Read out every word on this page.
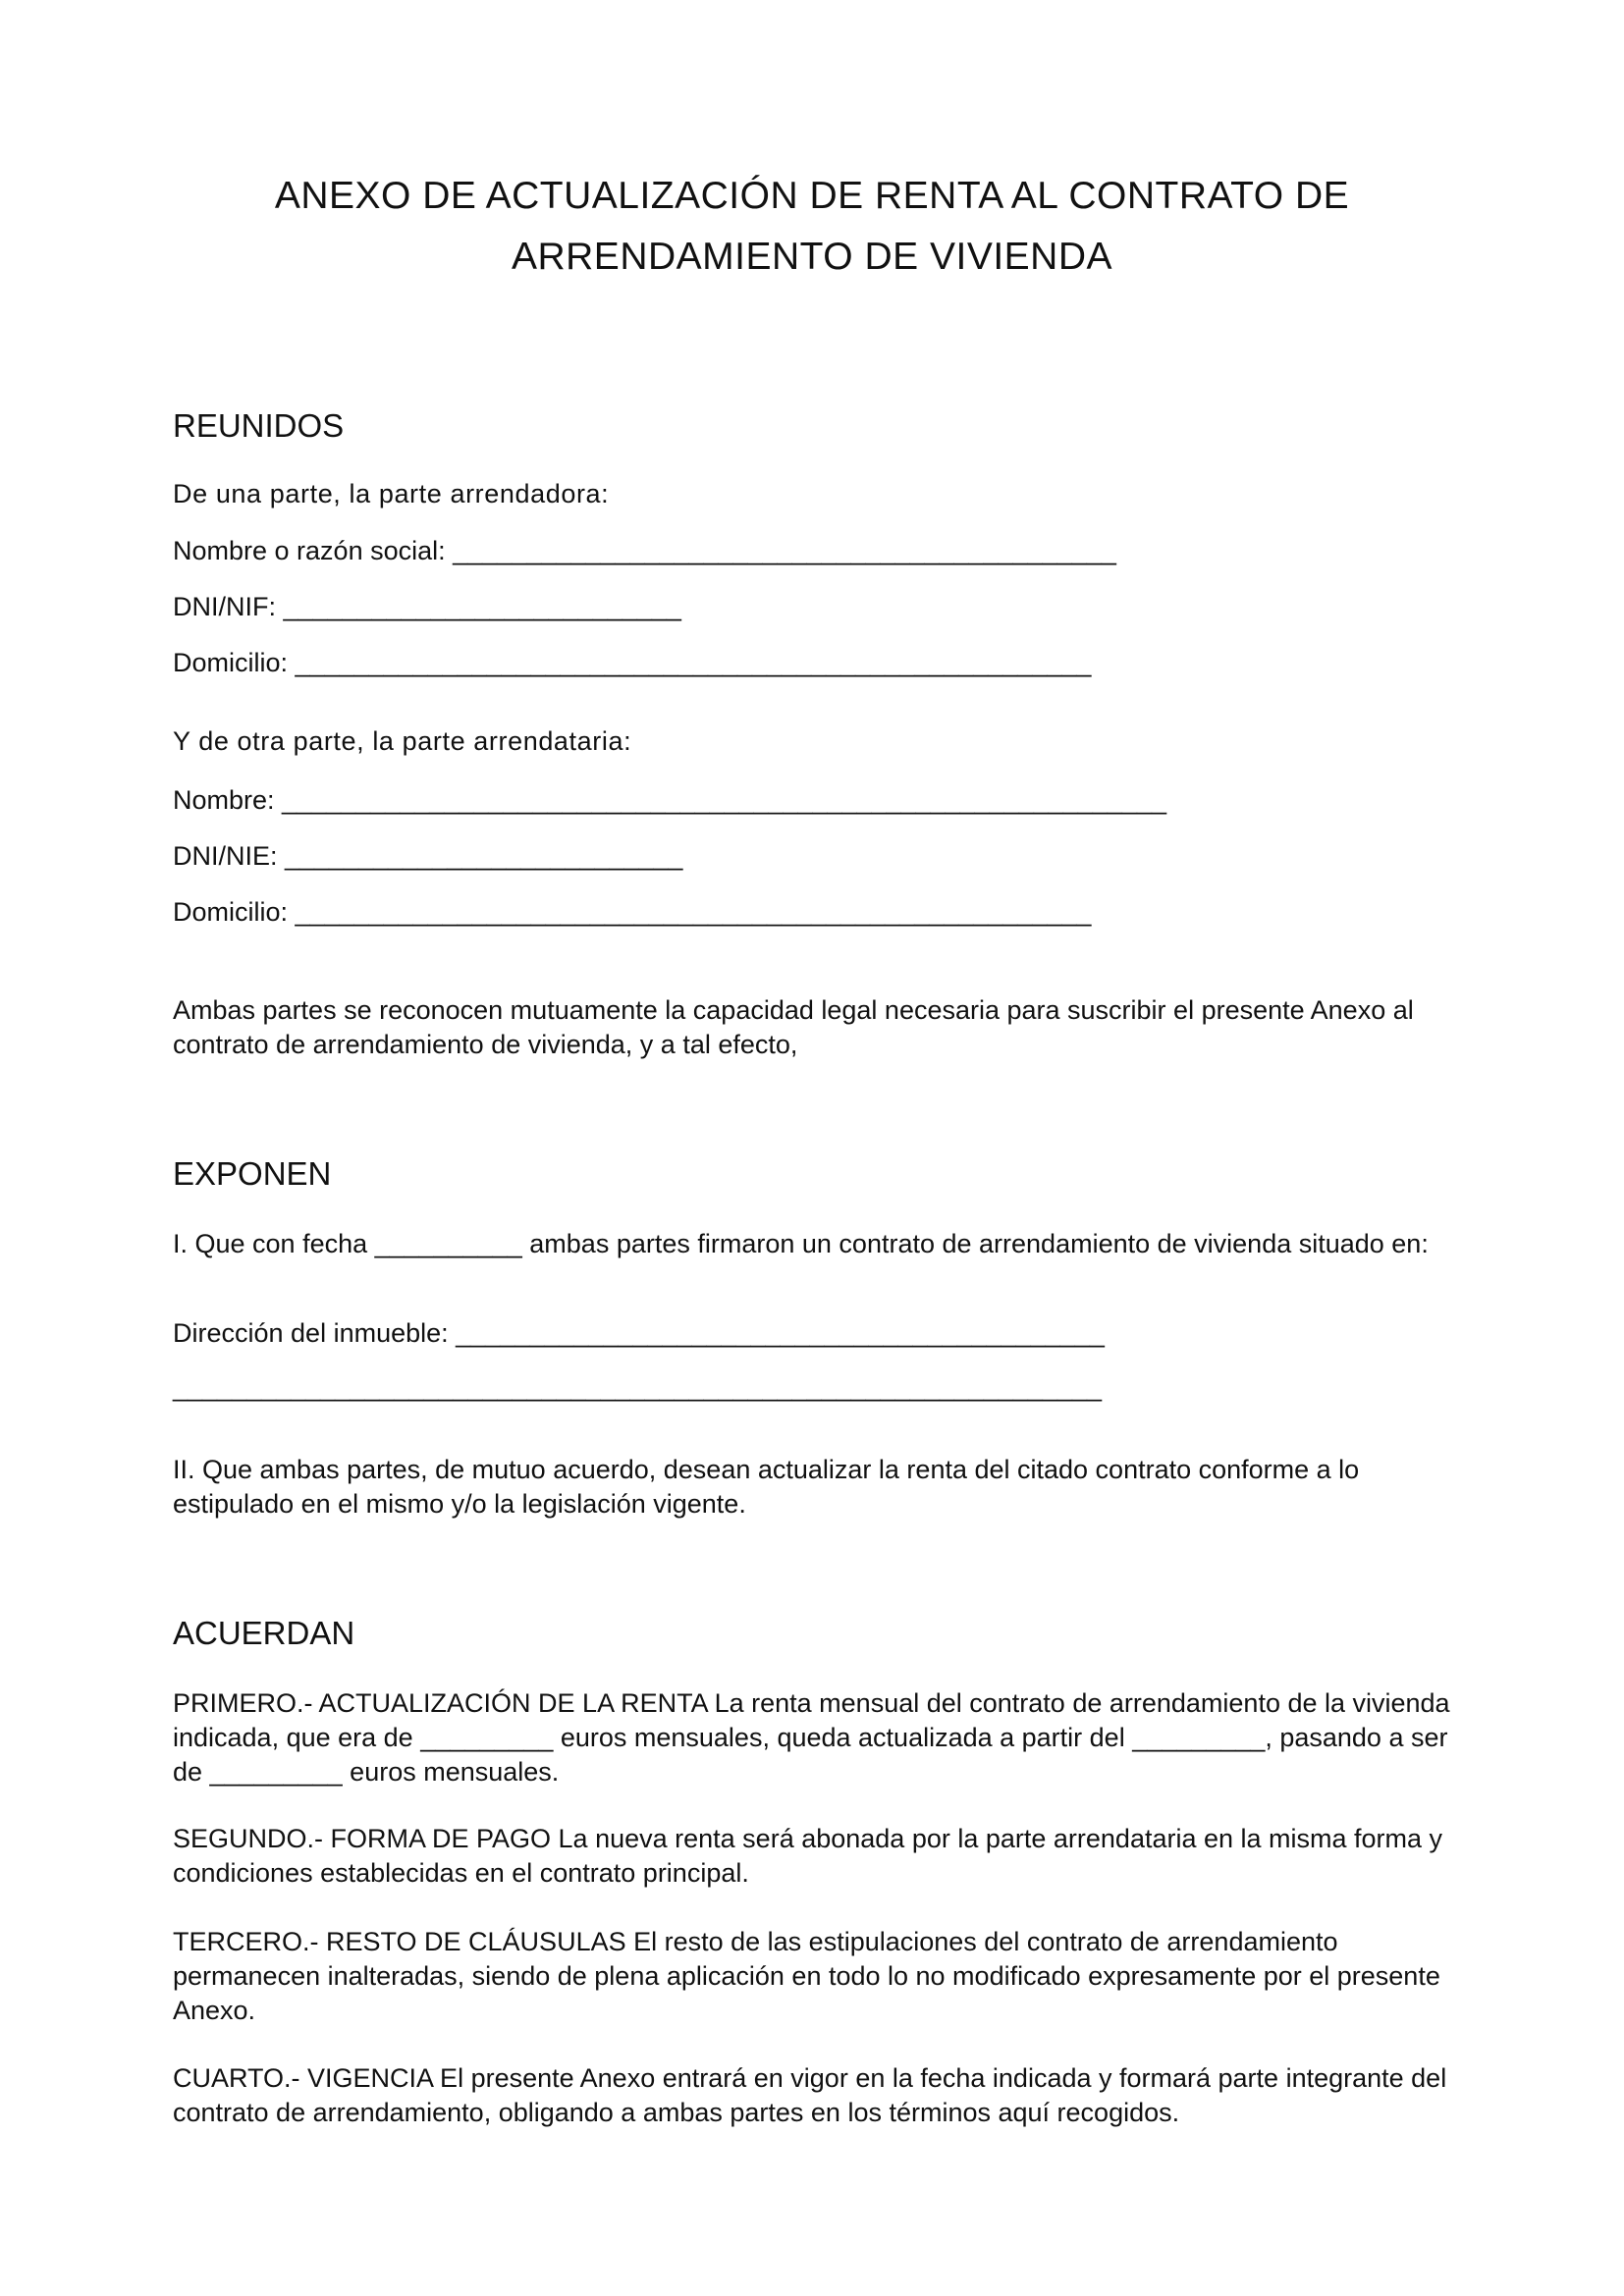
ANEXO DE ACTUALIZACIÓN DE RENTA AL CONTRATO DE
ARRENDAMIENTO DE VIVIENDA
REUNIDOS

De una parte, la parte arrendadora:

Nombre o razón social: _____________________________________________

DNI/NIF: ___________________________

Domicilio: ______________________________________________________

Y de otra parte, la parte arrendataria:

Nombre: ____________________________________________________________

DNI/NIE: ___________________________

Domicilio: ______________________________________________________

Ambas partes se reconocen mutuamente la capacidad legal necesaria para suscribir el presente Anexo al contrato de arrendamiento de vivienda, y a tal efecto,

EXPONEN

I. Que con fecha __________ ambas partes firmaron un contrato de arrendamiento de vivienda situado en:

Dirección del inmueble: ____________________________________________

_______________________________________________________________

II. Que ambas partes, de mutuo acuerdo, desean actualizar la renta del citado contrato conforme a lo estipulado en el mismo y/o la legislación vigente.

ACUERDAN

PRIMERO.- ACTUALIZACIÓN DE LA RENTA La renta mensual del contrato de arrendamiento de la vivienda indicada, que era de _________ euros mensuales, queda actualizada a partir del _________, pasando a ser de _________ euros mensuales.

SEGUNDO.- FORMA DE PAGO La nueva renta será abonada por la parte arrendataria en la misma forma y condiciones establecidas en el contrato principal.

TERCERO.- RESTO DE CLÁUSULAS El resto de las estipulaciones del contrato de arrendamiento permanecen inalteradas, siendo de plena aplicación en todo lo no modificado expresamente por el presente Anexo.

CUARTO.- VIGENCIA El presente Anexo entrará en vigor en la fecha indicada y formará parte integrante del contrato de arrendamiento, obligando a ambas partes en los términos aquí recogidos.
